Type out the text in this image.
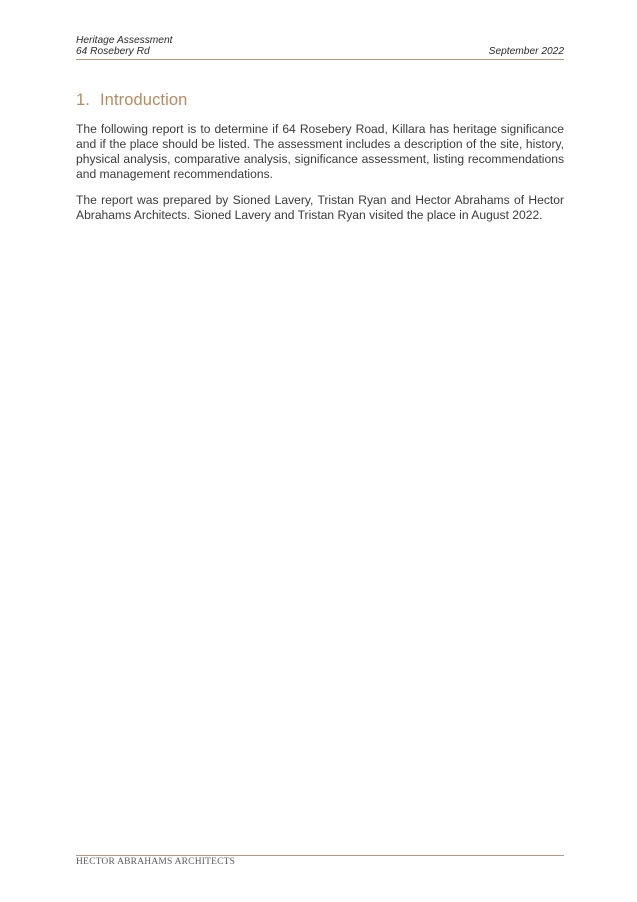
Heritage Assessment
64 Rosebery Rd	September 2022
1. Introduction

The following report is to determine if 64 Rosebery Road, Killara has heritage significance and if the place should be listed. The assessment includes a description of the site, history, physical analysis, comparative analysis, significance assessment, listing recommendations and management recommendations.

The report was prepared by Sioned Lavery, Tristan Ryan and Hector Abrahams of Hector Abrahams Architects. Sioned Lavery and Tristan Ryan visited the place in August 2022.

HECTOR ABRAHAMS ARCHITECTS
